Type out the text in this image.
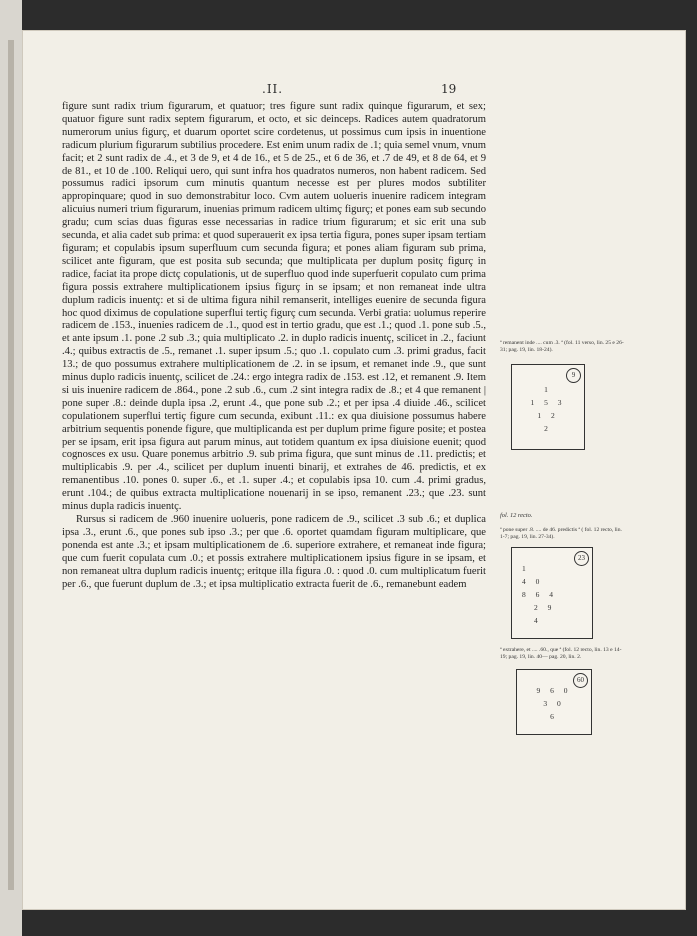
.II.	19

figure sunt radix trium figurarum, et quatuor; tres figure sunt radix quinque figurarum, et sex; quatuor figure sunt radix septem figurarum, et octo, et sic deinceps. Radices autem quadratorum numerorum unius figurç, et duarum oportet scire cordetenus, ut possimus cum ipsis in inuentione radicum plurium figurarum subtilius procedere. Est enim unum radix de .1; quia semel vnum, vnum facit; et 2 sunt radix de .4., et 3 de 9, et 4 de 16., et 5 de 25., et 6 de 36, et .7 de 49, et 8 de 64, et 9 de 81., et 10 de .100. Reliqui uero, qui sunt infra hos quadratos numeros, non habent radicem. Sed possumus radici ipsorum cum minutis quantum necesse est per plures modos subtiliter appropinquare; quod in suo demonstrabitur loco. Cvm autem uolueris inuenire radicem integram alicuius numeri trium figurarum, inuenias primum radicem ultimç figurç; et pones eam sub secundo gradu; cum scias duas figuras esse necessarias in radice trium figurarum; et sic erit una sub secunda, et alia cadet sub prima: et quod superauerit ex ipsa tertia figura, pones super ipsam tertiam figuram; et copulabis ipsum superfluum cum secunda figura; et pones aliam figuram sub prima, scilicet ante figuram, que est posita sub secunda; que multiplicata per duplum positç figurç in radice, faciat ita prope dictç copulationis, ut de superfluo quod inde superfuerit copulato cum prima figura possis extrahere multiplicationem ipsius figurç in se ipsam; et non remaneat inde ultra duplum radicis inuentç: et si de ultima figura nihil remanserit, intelliges euenire de secunda figura hoc quod diximus de copulatione superflui tertiç figurç cum secunda. Verbi gratia: uolumus reperire radicem de .153., inuenies radicem de .1., quod est in tertio gradu, que est .1.; quod .1. pone sub .5., et ante ipsum .1. pone .2 sub .3.; quia multiplicato .2. in duplo radicis inuentç, scilicet in .2., faciunt .4.; quibus extractis de .5., remanet .1. super ipsum .5.; quo .1. copulato cum .3. primi gradus, facit 13.; de quo possumus extrahere multiplicationem de .2. in se ipsum, et remanet inde .9., que sunt minus duplo radicis inuentç, scilicet de .24.: ergo integra radix de .153. est .12, et remanent .9. Item si uis inuenire radicem de .864., pone .2 sub .6., cum .2 sint integra radix de .8.; et 4 que remanent | pone super .8.: deinde dupla ipsa .2, erunt .4., que pone sub .2.; et per ipsa .4 diuide .46., scilicet copulationem superflui tertiç figure cum secunda, exibunt .11.: ex qua diuisione possumus habere arbitrium sequentis ponende figure, que multiplicanda est per duplum prime figure posite; et postea per se ipsam, erit ipsa figura aut parum minus, aut totidem quantum ex ipsa diuisione euenit; quod cognosces ex usu. Quare ponemus arbitrio .9. sub prima figura, que sunt minus de .11. predictis; et multiplicabis .9. per .4., scilicet per duplum inuenti binarij, et extrahes de 46. predictis, et ex remanentibus .10. pones 0. super .6., et .1. super .4.; et copulabis ipsa 10. cum .4. primi gradus, erunt .104.; de quibus extracta multiplicatione nouenarij in se ipso, remanent .23.; que .23. sunt minus dupla radicis inuentç.

Rursus si radicem de .960 inuenire uolueris, pone radicem de .9., scilicet .3 sub .6.; et duplica ipsa .3., erunt .6., que pones sub ipso .3.; per que .6. oportet quamdam figuram multiplicare, que ponenda est ante .3.; et ipsam multiplicationem de .6. superiore extrahere, et remaneat inde figura; que cum fuerit copulata cum .0.; et possis extrahere multiplicationem ipsius figure in se ipsam, et non remaneat ultra duplum radicis inuentç; eritque illa figura .0. : quod .0. cum multiplicatum fuerit per .6., que fuerunt duplum de .3.; et ipsa multiplicatio extracta fuerit de .6., remanebunt eadem

ª remanent inde .... cum .3. ª (fol. 11 verso, lin. 25 e 26-31; pag. 19, lin. 18-24).

9
1
1 5 3
1 2
2

fol. 12 recto.

ª pone super .8. .... de 46. predictis ª ( fol. 12 recto, lin. 1-7; pag. 19, lin. 27-34).

23
1
4 0
8 6 4
2 9
4

ª extrahere, et .... .60., que ª (fol. 12 recto, lin. 13 e 14-19; pag. 19, lin. 40— pag. 20, lin. 2.

60
9 6 0
3 0
6
